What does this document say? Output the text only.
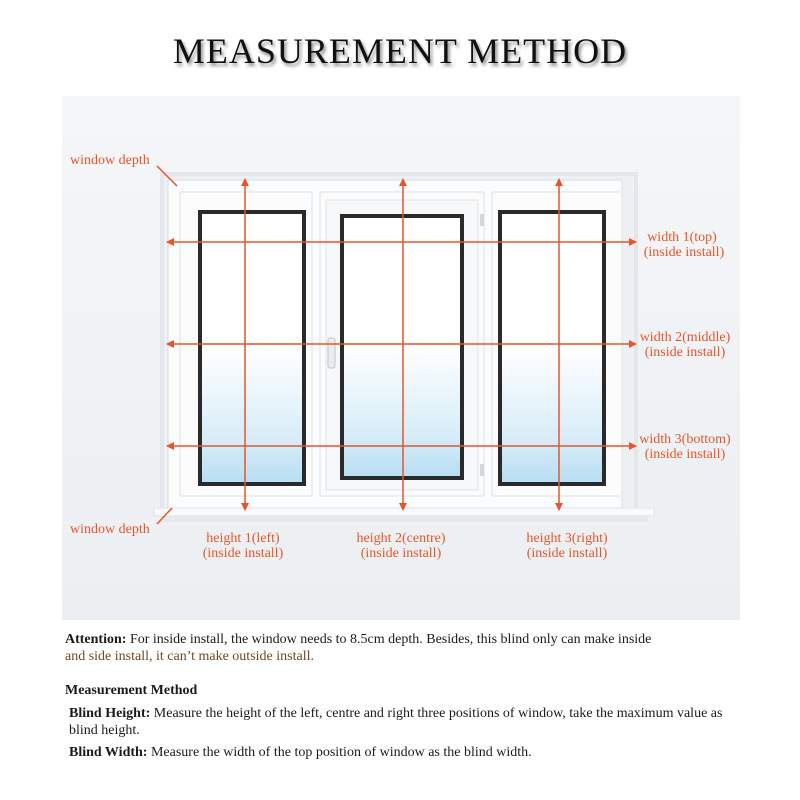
MEASUREMENT METHOD
window depth
window depth
width 1(top)
(inside install)
width 2(middle)
(inside install)
width 3(bottom)
(inside install)
height 1(left)
(inside install)
height 2(centre)
(inside install)
height 3(right)
(inside install)
Attention: For inside install, the window needs to 8.5cm depth. Besides, this blind only can make inside
and side install, it can’t make outside install.
Measurement Method
Blind Height: Measure the height of the left, centre and right three positions of window, take the maximum value as blind height.
Blind Width: Measure the width of the top position of window as the blind width.
